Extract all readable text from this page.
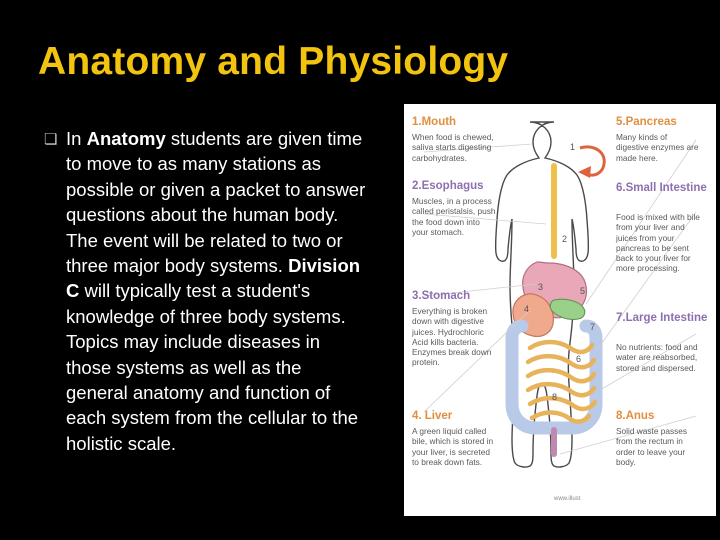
Anatomy and Physiology
❏ In Anatomy students are given time to move to as many stations as possible or given a packet to answer questions about the human body. The event will be related to two or three major body systems. Division C will typically test a student's knowledge of three body systems. Topics may include diseases in those systems as well as the general anatomy and function of each system from the cellular to the holistic scale.
1
2
3
4
5
6
7
8
1.Mouth
When food is chewed, saliva starts digesting carbohydrates.
2.Esophagus
Muscles, in a process called peristalsis, push the food down into your stomach.
3.Stomach
Everything is broken down with digestive juices. Hydrochloric Acid kills bacteria. Enzymes break down protein.
4. Liver
A green liquid called bile, which is stored in your liver, is secreted to break down fats.
5.Pancreas
Many kinds of digestive enzymes are made here.
6.Small Intestine
Food is mixed with bile from your liver and juices from your pancreas to be sent back to your liver for more processing.
7.Large Intestine
No nutrients: food and water are reabsorbed, stored and dispersed.
8.Anus
Solid waste passes from the rectum in order to leave your body.
www.illust
